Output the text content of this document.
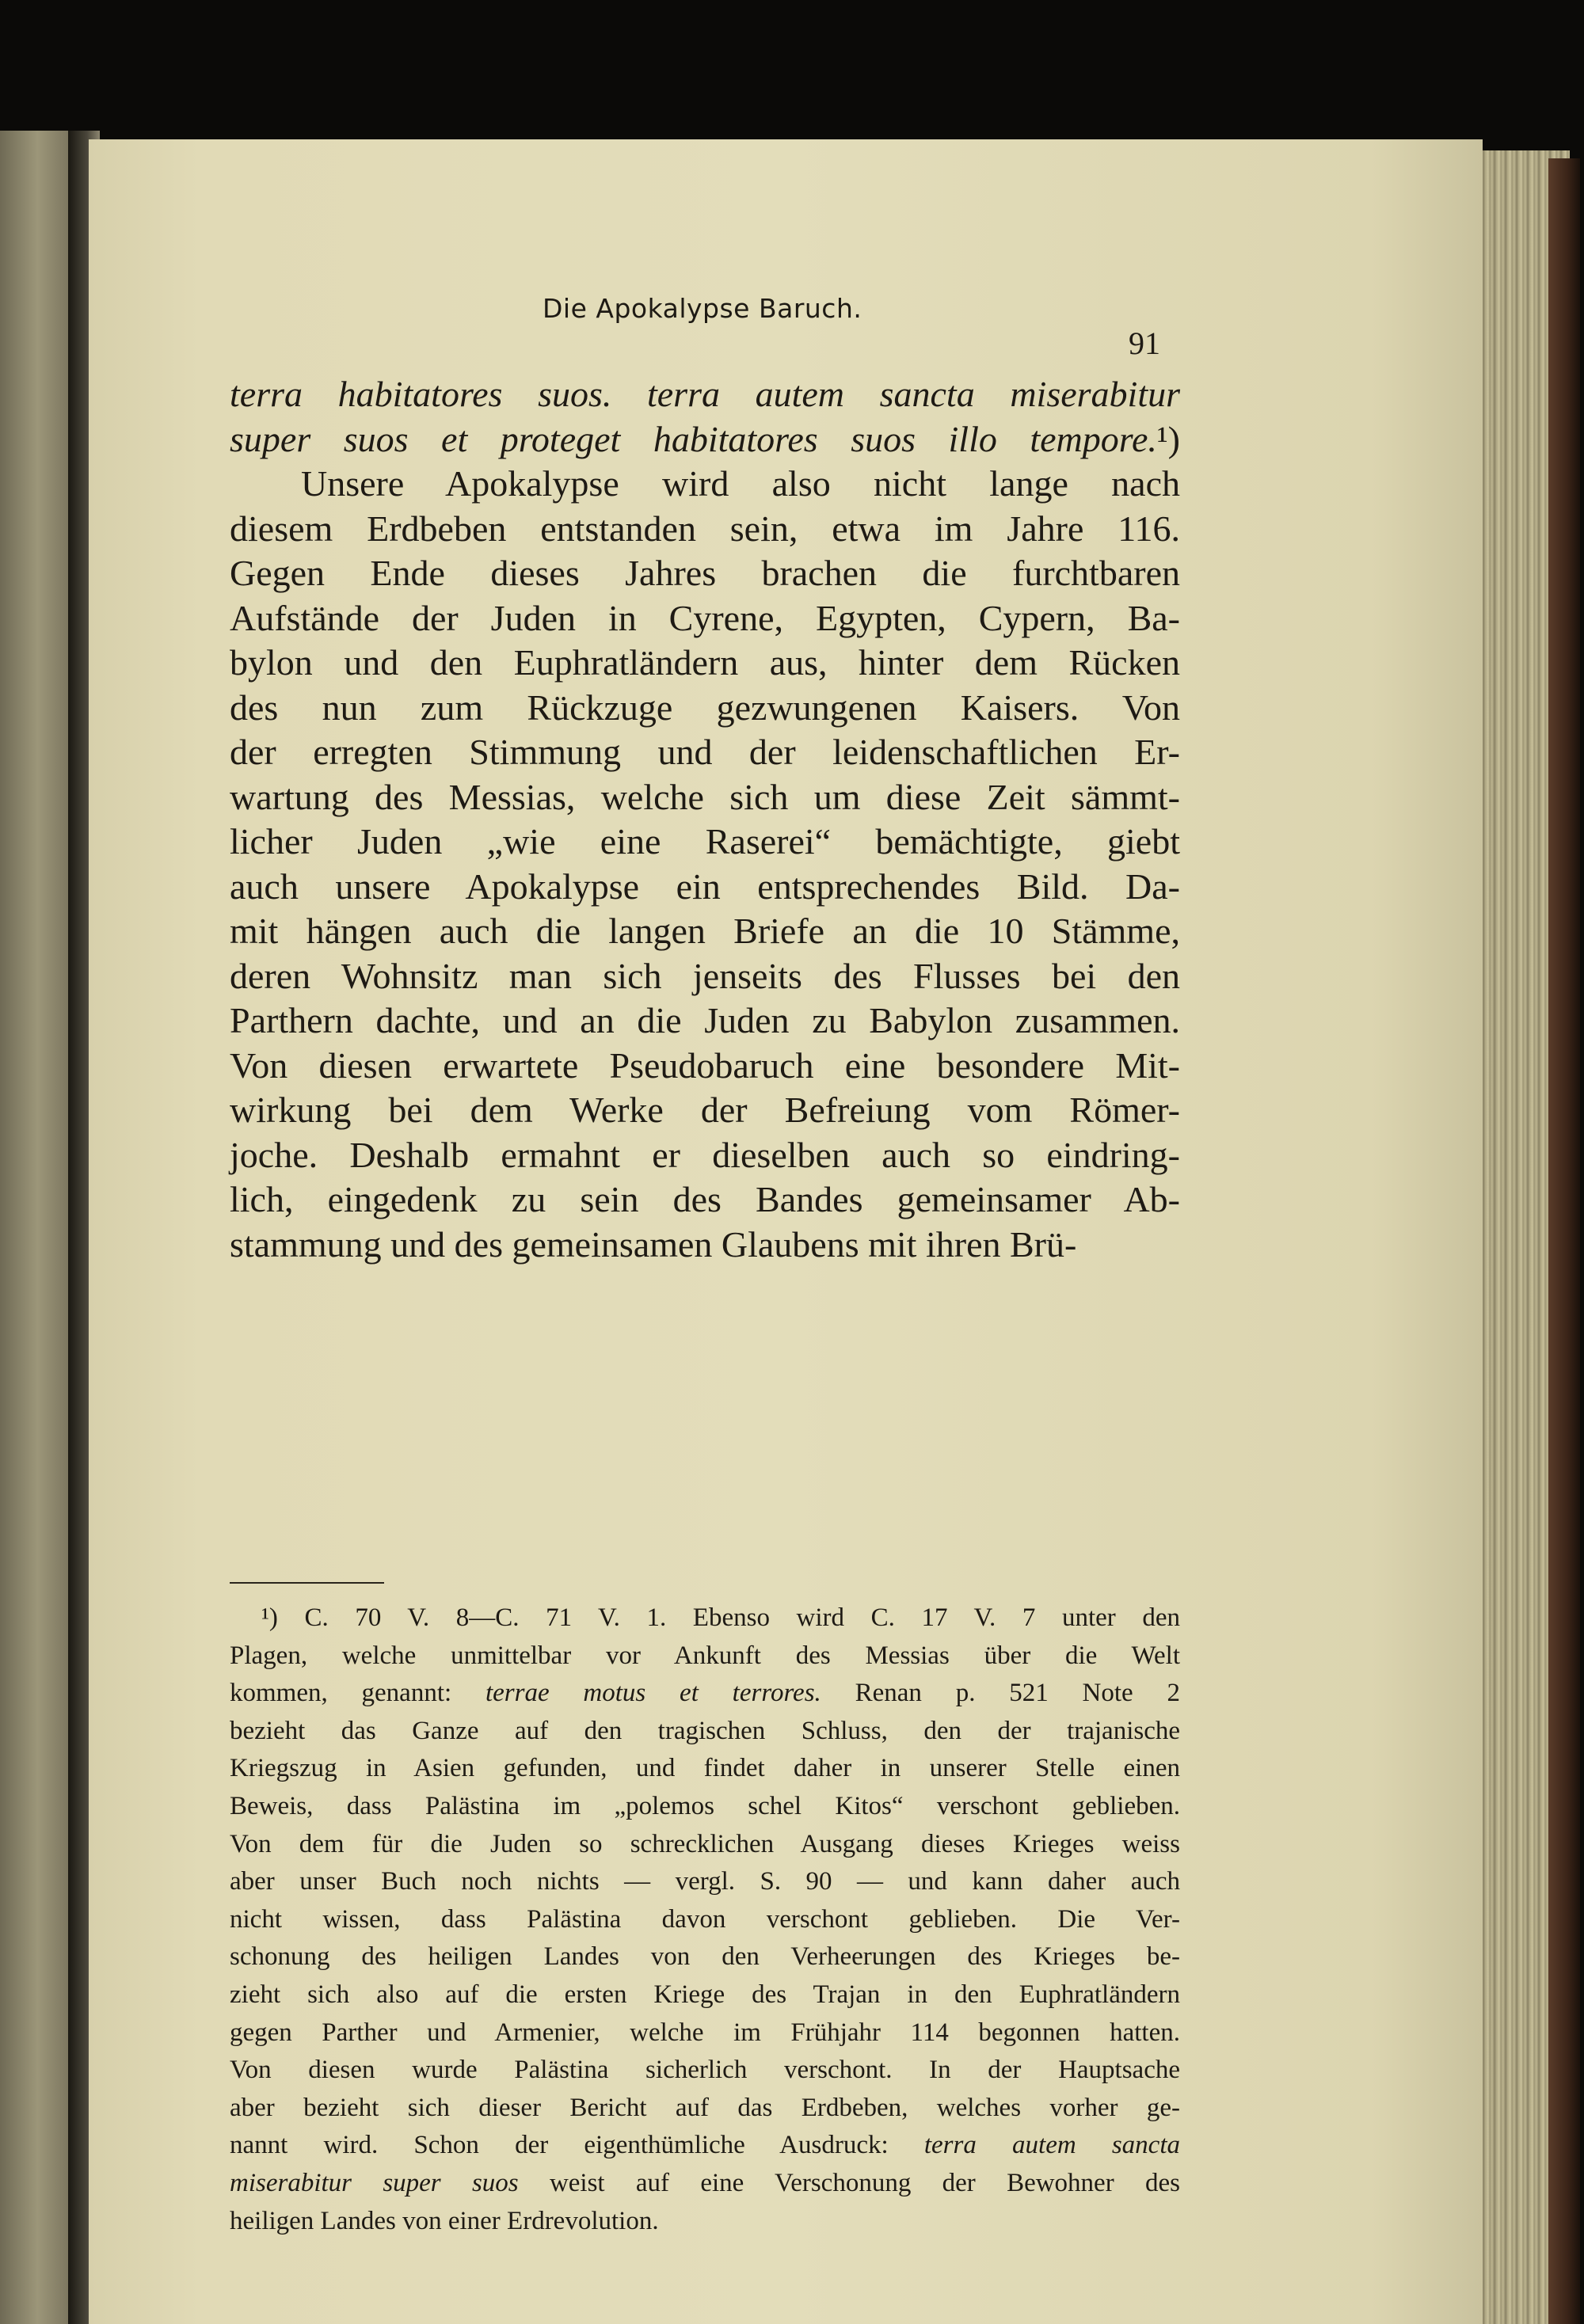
Die Apokalypse Baruch.
91
terra habitatores suos. terra autem sancta miserabitur
super suos et proteget habitatores suos illo tempore.¹)
Unsere Apokalypse wird also nicht lange nach
diesem Erdbeben entstanden sein, etwa im Jahre 116.
Gegen Ende dieses Jahres brachen die furchtbaren
Aufstände der Juden in Cyrene, Egypten, Cypern, Ba-
bylon und den Euphratländern aus, hinter dem Rücken
des nun zum Rückzuge gezwungenen Kaisers. Von
der erregten Stimmung und der leidenschaftlichen Er-
wartung des Messias, welche sich um diese Zeit sämmt-
licher Juden „wie eine Raserei“ bemächtigte, giebt
auch unsere Apokalypse ein entsprechendes Bild. Da-
mit hängen auch die langen Briefe an die 10 Stämme,
deren Wohnsitz man sich jenseits des Flusses bei den
Parthern dachte, und an die Juden zu Babylon zusammen.
Von diesen erwartete Pseudobaruch eine besondere Mit-
wirkung bei dem Werke der Befreiung vom Römer-
joche. Deshalb ermahnt er dieselben auch so eindring-
lich, eingedenk zu sein des Bandes gemeinsamer Ab-
stammung und des gemeinsamen Glaubens mit ihren Brü-
¹) C. 70 V. 8—C. 71 V. 1. Ebenso wird C. 17 V. 7 unter den
Plagen, welche unmittelbar vor Ankunft des Messias über die Welt
kommen, genannt: terrae motus et terrores. Renan p. 521 Note 2
bezieht das Ganze auf den tragischen Schluss, den der trajanische
Kriegszug in Asien gefunden, und findet daher in unserer Stelle einen
Beweis, dass Palästina im „polemos schel Kitos“ verschont geblieben.
Von dem für die Juden so schrecklichen Ausgang dieses Krieges weiss
aber unser Buch noch nichts — vergl. S. 90 — und kann daher auch
nicht wissen, dass Palästina davon verschont geblieben. Die Ver-
schonung des heiligen Landes von den Verheerungen des Krieges be-
zieht sich also auf die ersten Kriege des Trajan in den Euphratländern
gegen Parther und Armenier, welche im Frühjahr 114 begonnen hatten.
Von diesen wurde Palästina sicherlich verschont. In der Hauptsache
aber bezieht sich dieser Bericht auf das Erdbeben, welches vorher ge-
nannt wird. Schon der eigenthümliche Ausdruck: terra autem sancta
miserabitur super suos weist auf eine Verschonung der Bewohner des
heiligen Landes von einer Erdrevolution.
